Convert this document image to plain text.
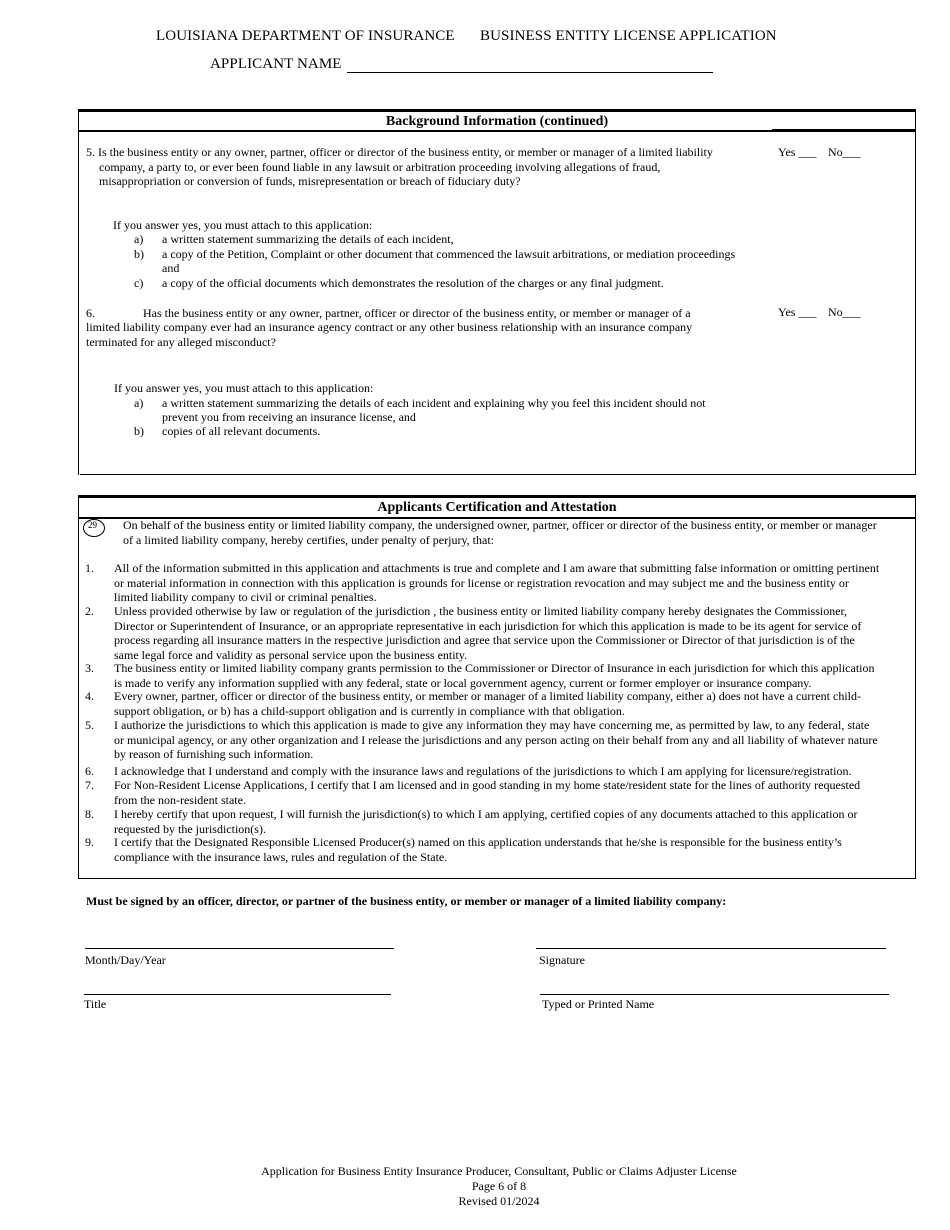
LOUISIANA DEPARTMENT OF INSURANCE BUSINESS ENTITY LICENSE APPLICATION
APPLICANT NAME
Background Information (continued)
5. Is the business entity or any owner, partner, officer or director of the business entity, or member or manager of a limited liability
company, a party to, or ever been found liable in any lawsuit or arbitration proceeding involving allegations of fraud,
misappropriation or conversion of funds, misrepresentation or breach of fiduciary duty?
Yes ___ No___
If you answer yes, you must attach to this application:
a) a written statement summarizing the details of each incident,
b) a copy of the Petition, Complaint or other document that commenced the lawsuit arbitrations, or mediation proceedings
and
c) a copy of the official documents which demonstrates the resolution of the charges or any final judgment.
6.	Has the business entity or any owner, partner, officer or director of the business entity, or member or manager of a
limited liability company ever had an insurance agency contract or any other business relationship with an insurance company
terminated for any alleged misconduct?
Yes ___ No___
If you answer yes, you must attach to this application:
a) a written statement summarizing the details of each incident and explaining why you feel this incident should not
prevent you from receiving an insurance license, and
b) copies of all relevant documents.
Applicants Certification and Attestation
29	On behalf of the business entity or limited liability company, the undersigned owner, partner, officer or director of the business entity, or member or manager
of a limited liability company, hereby certifies, under penalty of perjury, that:
1. All of the information submitted in this application and attachments is true and complete and I am aware that submitting false information or omitting pertinent
or material information in connection with this application is grounds for license or registration revocation and may subject me and the business entity or
limited liability company to civil or criminal penalties.
2. Unless provided otherwise by law or regulation of the jurisdiction , the business entity or limited liability company hereby designates the Commissioner,
Director or Superintendent of Insurance, or an appropriate representative in each jurisdiction for which this application is made to be its agent for service of
process regarding all insurance matters in the respective jurisdiction and agree that service upon the Commissioner or Director of that jurisdiction is of the
same legal force and validity as personal service upon the business entity.
3. The business entity or limited liability company grants permission to the Commissioner or Director of Insurance in each jurisdiction for which this application
is made to verify any information supplied with any federal, state or local government agency, current or former employer or insurance company.
4. Every owner, partner, officer or director of the business entity, or member or manager of a limited liability company, either a) does not have a current child-
support obligation, or b) has a child-support obligation and is currently in compliance with that obligation.
5. I authorize the jurisdictions to which this application is made to give any information they may have concerning me, as permitted by law, to any federal, state
or municipal agency, or any other organization and I release the jurisdictions and any person acting on their behalf from any and all liability of whatever nature
by reason of furnishing such information.
6. I acknowledge that I understand and comply with the insurance laws and regulations of the jurisdictions to which I am applying for licensure/registration.
7. For Non-Resident License Applications, I certify that I am licensed and in good standing in my home state/resident state for the lines of authority requested
from the non-resident state.
8. I hereby certify that upon request, I will furnish the jurisdiction(s) to which I am applying, certified copies of any documents attached to this application or
requested by the jurisdiction(s).
9. I certify that the Designated Responsible Licensed Producer(s) named on this application understands that he/she is responsible for the business entity’s
compliance with the insurance laws, rules and regulation of the State.
Must be signed by an officer, director, or partner of the business entity, or member or manager of a limited liability company:
Month/Day/Year	Signature
Title	Typed or Printed Name
Application for Business Entity Insurance Producer, Consultant, Public or Claims Adjuster License
Page 6 of 8
Revised 01/2024
